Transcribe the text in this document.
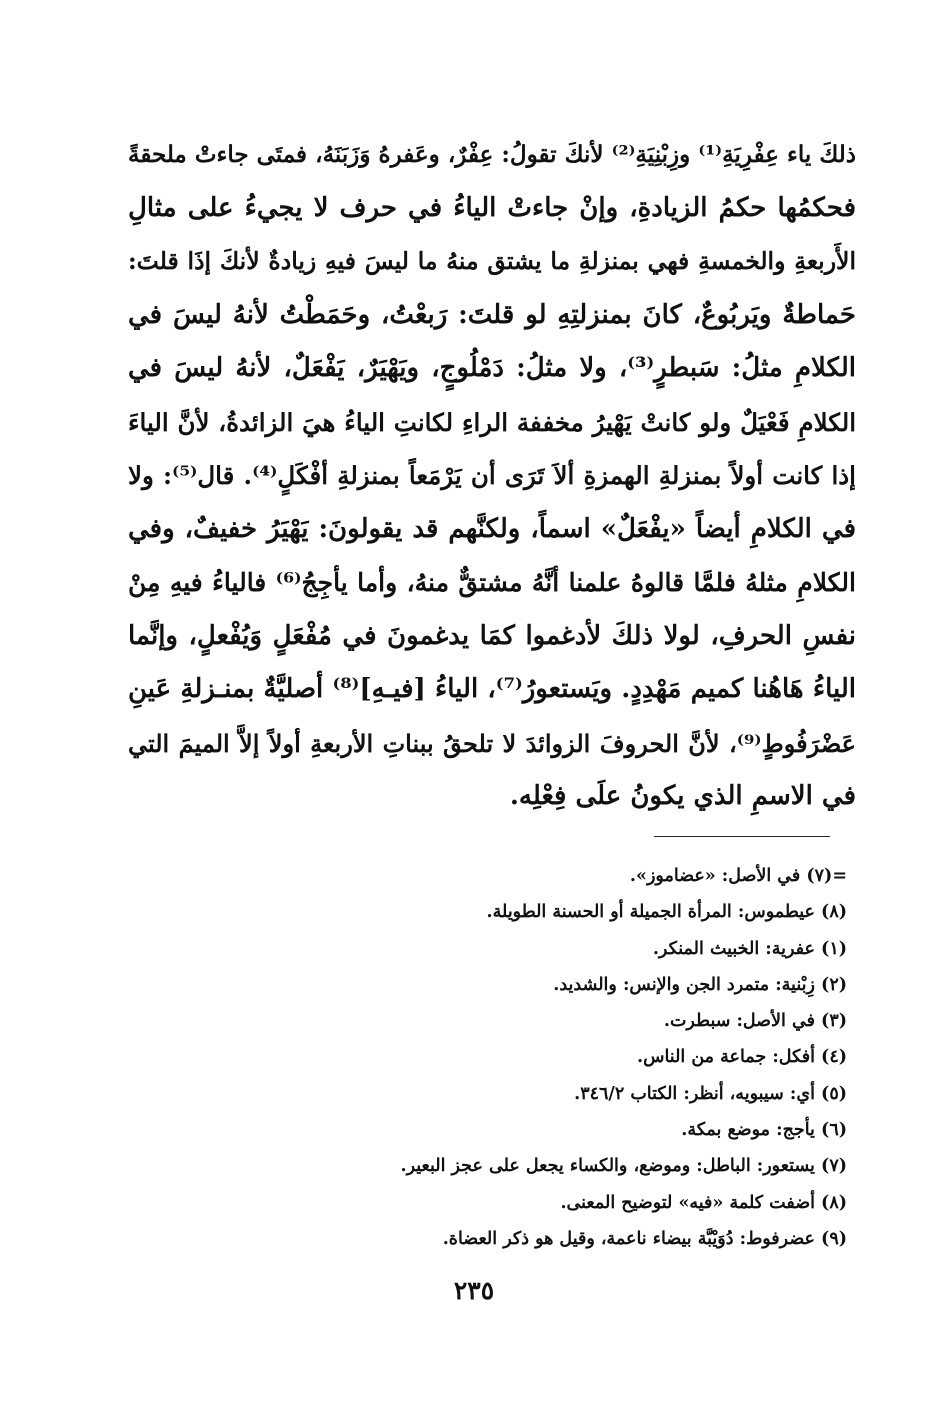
ذلكَ ياء عِفْرِيَةِ⁽¹⁾ وزِبْنِيَةِ⁽²⁾ لأنكَ تقولُ: عِفْرٌ، وعَفرهُ وَزَبَنَهُ، فمتَى جاءتْ ملحقةً
فحكمُها حكمُ الزيادةِ، وإنْ جاءتْ الياءُ في حرف لا يجيءُ على مثالِ
الأَربعةِ والخمسةِ فهي بمنزلةِ ما يشتق منهُ ما ليسَ فيهِ زيادةٌ لأنكَ إذَا قلتَ:
حَماطةٌ ويَربُوعٌ، كانَ بمنزلتِهِ لو قلتَ: رَبعْتُ، وحَمَطْتُ لأنهُ ليسَ في
الكلامِ مثلُ: سَبطرٍ⁽³⁾، ولا مثلُ: دَمْلُوجٍ، ويَهْيَرٌ، يَفْعَلٌ، لأنهُ ليسَ في
الكلامِ فَعْيَلٌ ولو كانتْ يَهْيرُ مخففة الراءِ لكانتِ الياءُ هيَ الزائدةُ، لأنَّ الياءَ
إذا كانت أولاً بمنزلةِ الهمزةِ ألاَ تَرَى أن يَرْمَعاً بمنزلةِ أفْكَلٍ⁽⁴⁾. قال⁽⁵⁾: ولا
في الكلامِ أيضاً «يفْعَلٌ» اسماً، ولكنَّهم قد يقولونَ: يَهْيَرُ خفيفٌ، وفي
الكلامِ مثلهُ فلمَّا قالوهُ علمنا أنَّهُ مشتقٌّ منهُ، وأما يأجِجُ⁽⁶⁾ فالياءُ فيهِ مِنْ
نفسِ الحرفِ، لولا ذلكَ لأدغموا كمَا يدغمونَ في مُفْعَلٍ وَيُفْعلٍ، وإنَّما
الياءُ هَاهُنا كميم مَهْدِدٍ. ويَستعورُ⁽⁷⁾، الياءُ [فيـهِ]⁽⁸⁾ أصليَّةٌ بمنـزلةِ عَينِ
عَضْرَفُوطٍ⁽⁹⁾، لأنَّ الحروفَ الزوائدَ لا تلحقُ ببناتِ الأربعةِ أولاً إلاَّ الميمَ التي
في الاسمِ الذي يكونُ علَى فِعْلِه.
=(٧) في الأصل: «عضاموز».
(٨) عيطموس: المرأة الجميلة أو الحسنة الطويلة.
(١) عفرية: الخبيث المنكر.
(٢) زِبْنية: متمرد الجن والإنس: والشديد.
(٣) في الأصل: سبطرت.
(٤) أفكل: جماعة من الناس.
(٥) أي: سيبويه، أنظر: الكتاب ٣٤٦/٢.
(٦) يأجج: موضع بمكة.
(٧) يستعور: الباطل: وموضع، والكساء يجعل على عجز البعير.
(٨) أضفت كلمة «فيه» لتوضيح المعنى.
(٩) عضرفوط: دُوَيْبَّة بيضاء ناعمة، وقيل هو ذكر العضاة.
٢٣٥
